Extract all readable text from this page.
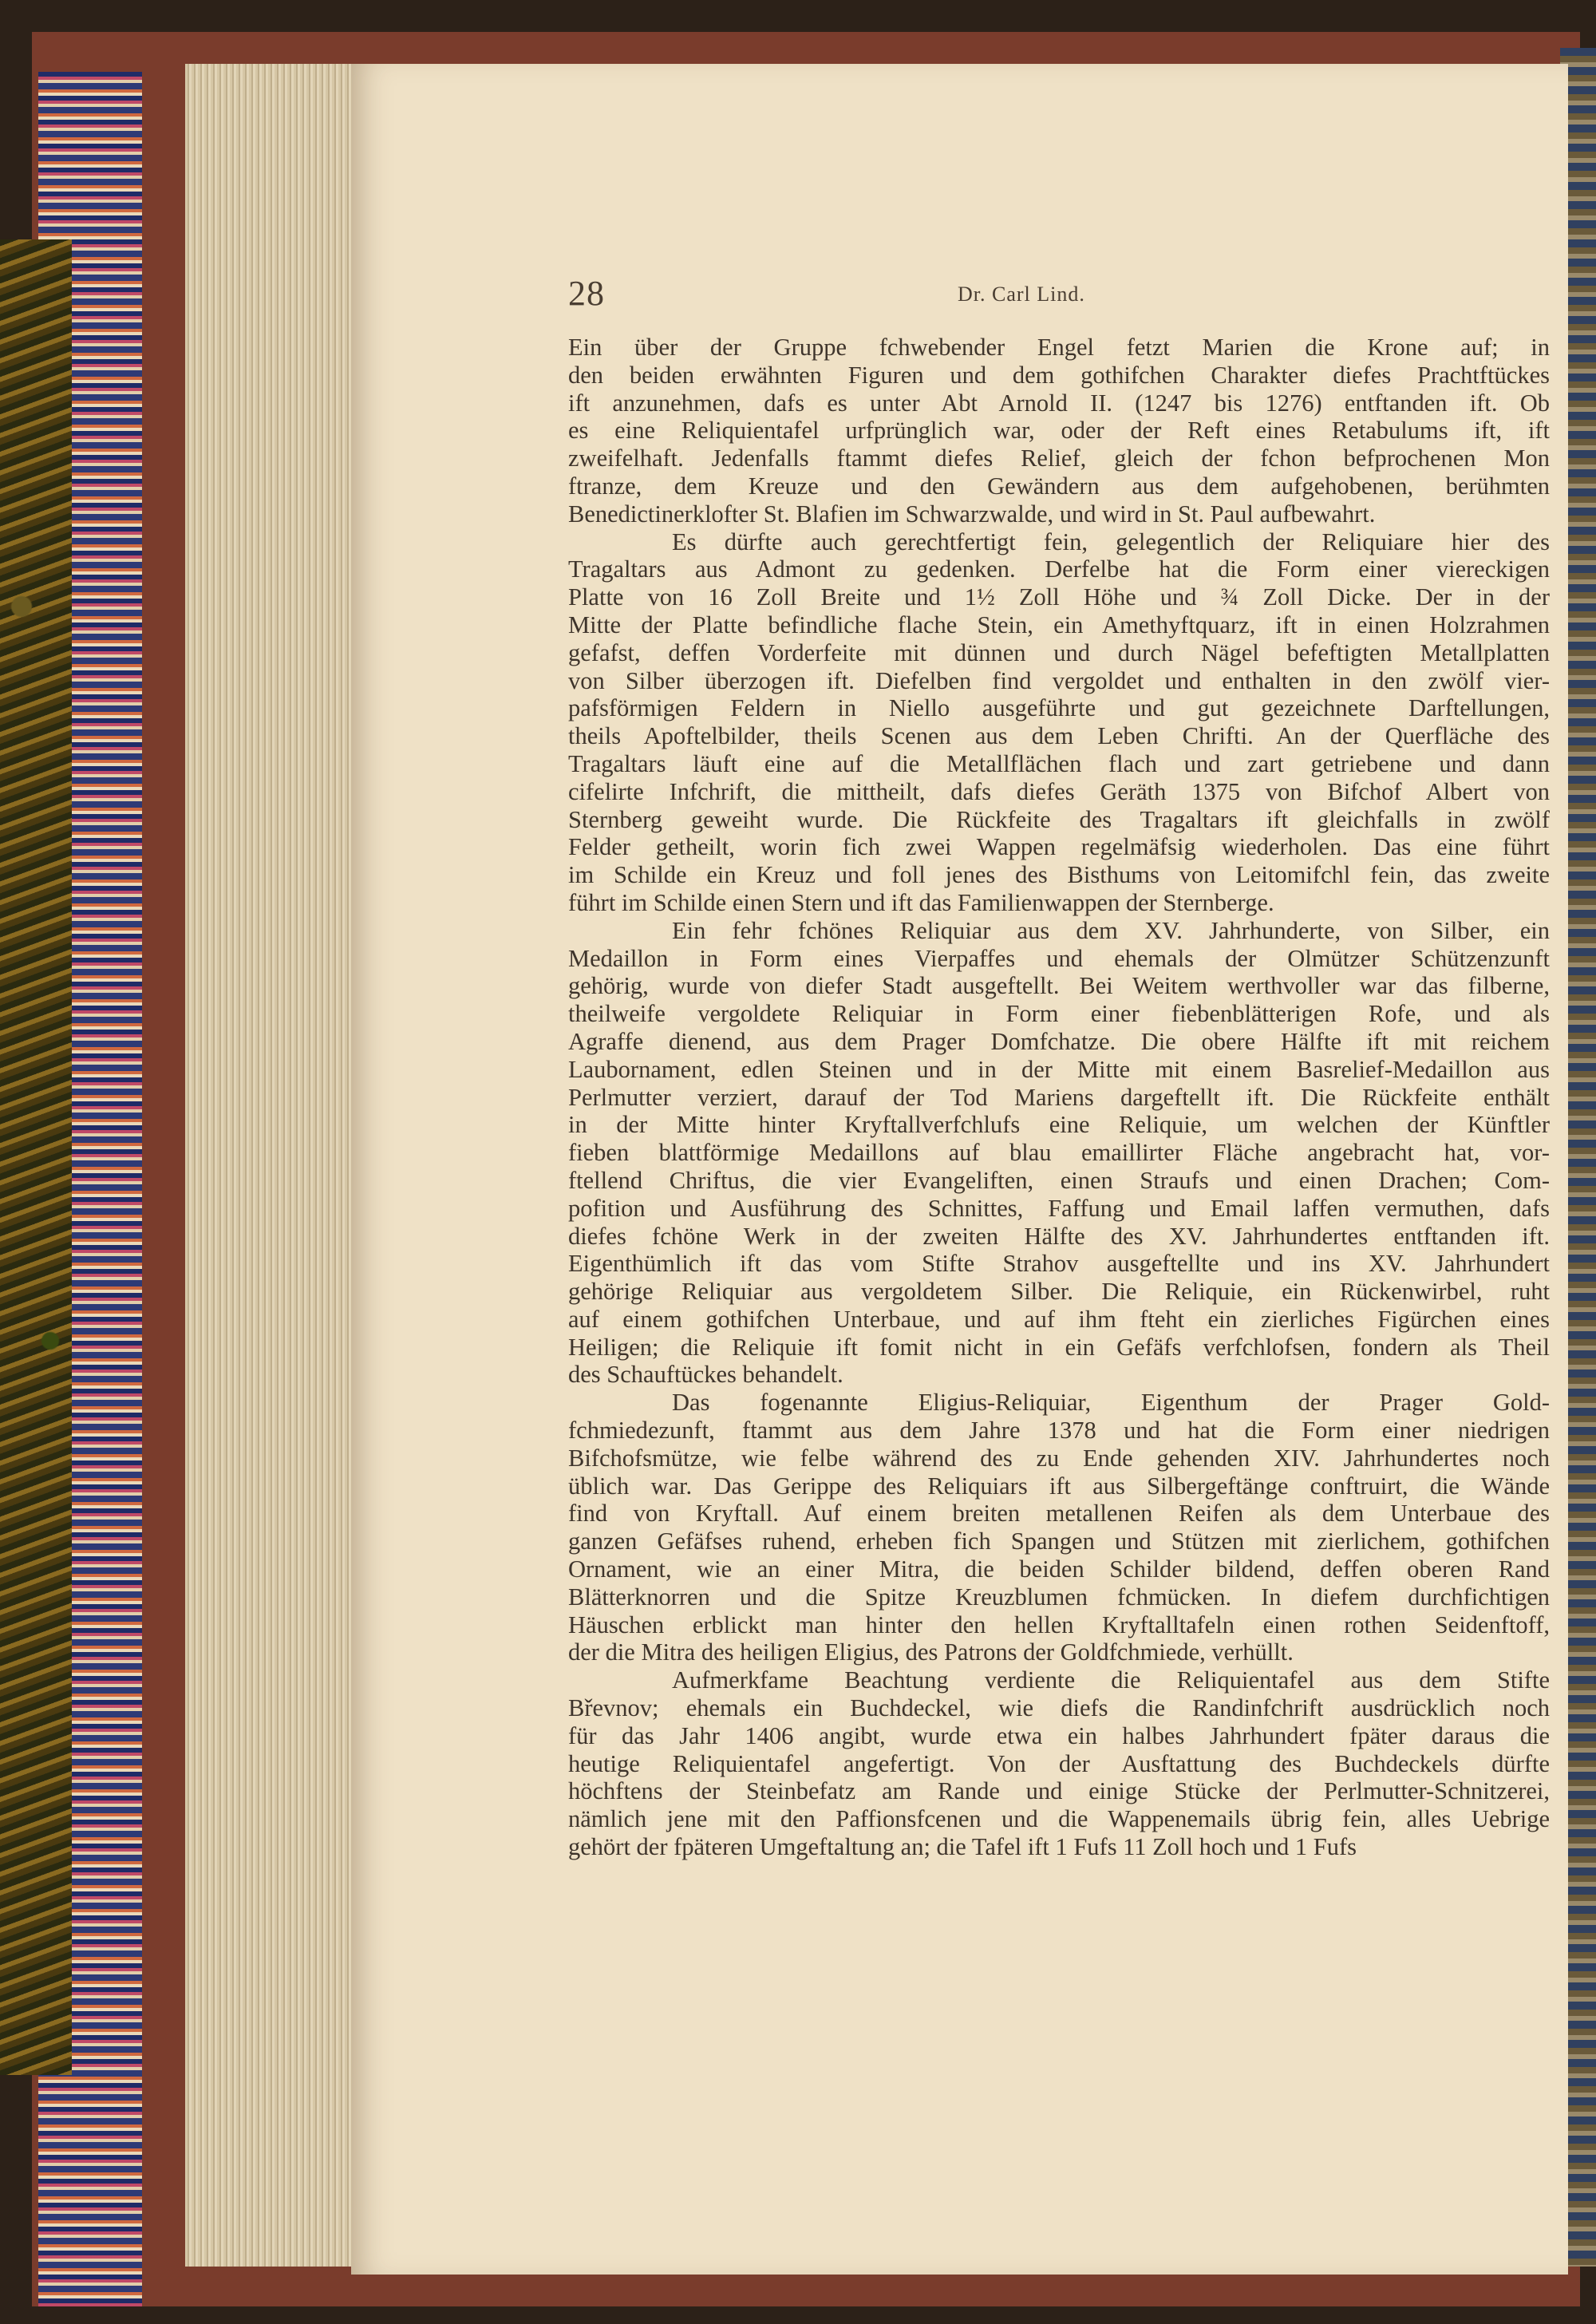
28	Dr. Carl Lind.
Ein über der Gruppe fchwebender Engel fetzt Marien die Krone auf; in
den beiden erwähnten Figuren und dem gothifchen Charakter diefes Prachtftückes
ift anzunehmen, dafs es unter Abt Arnold II. (1247 bis 1276) entftanden ift. Ob
es eine Reliquientafel urfprünglich war, oder der Reft eines Retabulums ift, ift
zweifelhaft. Jedenfalls ftammt diefes Relief, gleich der fchon befprochenen Mon
ftranze, dem Kreuze und den Gewändern aus dem aufgehobenen, berühmten
Benedictinerklofter St. Blafien im Schwarzwalde, und wird in St. Paul aufbewahrt.
Es dürfte auch gerechtfertigt fein, gelegentlich der Reliquiare hier des
Tragaltars aus Admont zu gedenken. Derfelbe hat die Form einer viereckigen
Platte von 16 Zoll Breite und 1½ Zoll Höhe und ¾ Zoll Dicke. Der in der
Mitte der Platte befindliche flache Stein, ein Amethyftquarz, ift in einen Holzrahmen
gefafst, deffen Vorderfeite mit dünnen und durch Nägel befeftigten Metallplatten
von Silber überzogen ift. Diefelben find vergoldet und enthalten in den zwölf vier-
pafsförmigen Feldern in Niello ausgeführte und gut gezeichnete Darftellungen,
theils Apoftelbilder, theils Scenen aus dem Leben Chrifti. An der Querfläche des
Tragaltars läuft eine auf die Metallflächen flach und zart getriebene und dann
cifelirte Infchrift, die mittheilt, dafs diefes Geräth 1375 von Bifchof Albert von
Sternberg geweiht wurde. Die Rückfeite des Tragaltars ift gleichfalls in zwölf
Felder getheilt, worin fich zwei Wappen regelmäfsig wiederholen. Das eine führt
im Schilde ein Kreuz und foll jenes des Bisthums von Leitomifchl fein, das zweite
führt im Schilde einen Stern und ift das Familienwappen der Sternberge.
Ein fehr fchönes Reliquiar aus dem XV. Jahrhunderte, von Silber, ein
Medaillon in Form eines Vierpaffes und ehemals der Olmützer Schützenzunft
gehörig, wurde von diefer Stadt ausgeftellt. Bei Weitem werthvoller war das filberne,
theilweife vergoldete Reliquiar in Form einer fiebenblätterigen Rofe, und als
Agraffe dienend, aus dem Prager Domfchatze. Die obere Hälfte ift mit reichem
Laubornament, edlen Steinen und in der Mitte mit einem Basrelief-Medaillon aus
Perlmutter verziert, darauf der Tod Mariens dargeftellt ift. Die Rückfeite enthält
in der Mitte hinter Kryftallverfchlufs eine Reliquie, um welchen der Künftler
fieben blattförmige Medaillons auf blau emaillirter Fläche angebracht hat, vor-
ftellend Chriftus, die vier Evangeliften, einen Straufs und einen Drachen; Com-
pofition und Ausführung des Schnittes, Faffung und Email laffen vermuthen, dafs
diefes fchöne Werk in der zweiten Hälfte des XV. Jahrhundertes entftanden ift.
Eigenthümlich ift das vom Stifte Strahov ausgeftellte und ins XV. Jahrhundert
gehörige Reliquiar aus vergoldetem Silber. Die Reliquie, ein Rückenwirbel, ruht
auf einem gothifchen Unterbaue, und auf ihm fteht ein zierliches Figürchen eines
Heiligen; die Reliquie ift fomit nicht in ein Gefäfs verfchlofsen, fondern als Theil
des Schauftückes behandelt.
Das fogenannte Eligius-Reliquiar, Eigenthum der Prager Gold-
fchmiedezunft, ftammt aus dem Jahre 1378 und hat die Form einer niedrigen
Bifchofsmütze, wie felbe während des zu Ende gehenden XIV. Jahrhundertes noch
üblich war. Das Gerippe des Reliquiars ift aus Silbergeftänge conftruirt, die Wände
find von Kryftall. Auf einem breiten metallenen Reifen als dem Unterbaue des
ganzen Gefäfses ruhend, erheben fich Spangen und Stützen mit zierlichem, gothifchen
Ornament, wie an einer Mitra, die beiden Schilder bildend, deffen oberen Rand
Blätterknorren und die Spitze Kreuzblumen fchmücken. In diefem durchfichtigen
Häuschen erblickt man hinter den hellen Kryftalltafeln einen rothen Seidenftoff,
der die Mitra des heiligen Eligius, des Patrons der Goldfchmiede, verhüllt.
Aufmerkfame Beachtung verdiente die Reliquientafel aus dem Stifte
Břevnov; ehemals ein Buchdeckel, wie diefs die Randinfchrift ausdrücklich noch
für das Jahr 1406 angibt, wurde etwa ein halbes Jahrhundert fpäter daraus die
heutige Reliquientafel angefertigt. Von der Ausftattung des Buchdeckels dürfte
höchftens der Steinbefatz am Rande und einige Stücke der Perlmutter-Schnitzerei,
nämlich jene mit den Paffionsfcenen und die Wappenemails übrig fein, alles Uebrige
gehört der fpäteren Umgeftaltung an; die Tafel ift 1 Fufs 11 Zoll hoch und 1 Fufs
